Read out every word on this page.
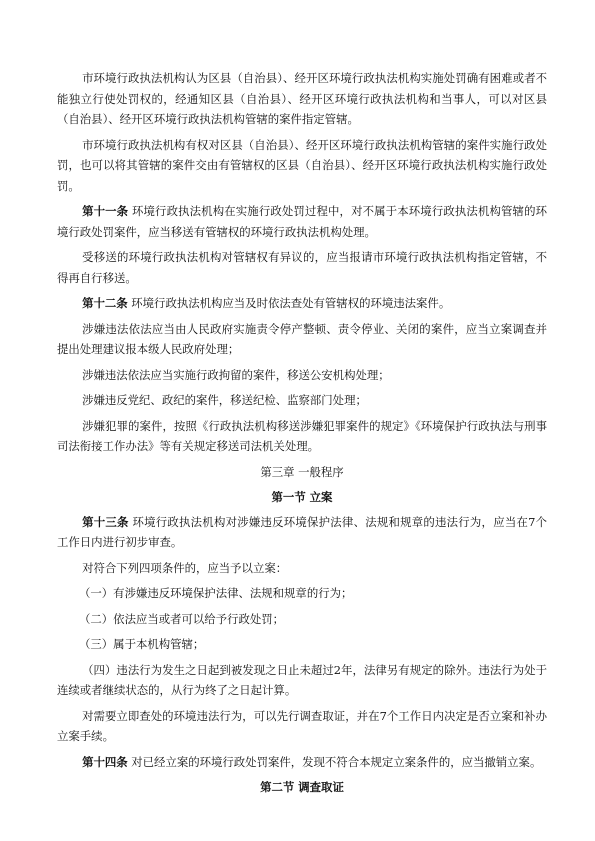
市环境行政执法机构认为区县（自治县）、经开区环境行政执法机构实施处罚确有困难或者不能独立行使处罚权的，经通知区县（自治县）、经开区环境行政执法机构和当事人，可以对区县（自治县）、经开区环境行政执法机构管辖的案件指定管辖。

市环境行政执法机构有权对区县（自治县）、经开区环境行政执法机构管辖的案件实施行政处罚，也可以将其管辖的案件交由有管辖权的区县（自治县）、经开区环境行政执法机构实施行政处罚。

第十一条 环境行政执法机构在实施行政处罚过程中，对不属于本环境行政执法机构管辖的环境行政处罚案件，应当移送有管辖权的环境行政执法机构处理。

受移送的环境行政执法机构对管辖权有异议的，应当报请市环境行政执法机构指定管辖，不得再自行移送。

第十二条 环境行政执法机构应当及时依法查处有管辖权的环境违法案件。

涉嫌违法依法应当由人民政府实施责令停产整顿、责令停业、关闭的案件，应当立案调查并提出处理建议报本级人民政府处理；

涉嫌违法依法应当实施行政拘留的案件，移送公安机构处理；

涉嫌违反党纪、政纪的案件，移送纪检、监察部门处理；

涉嫌犯罪的案件，按照《行政执法机构移送涉嫌犯罪案件的规定》《环境保护行政执法与刑事司法衔接工作办法》等有关规定移送司法机关处理。

第三章 一般程序
第一节 立案

第十三条 环境行政执法机构对涉嫌违反环境保护法律、法规和规章的违法行为，应当在7个工作日内进行初步审查。

对符合下列四项条件的，应当予以立案：

（一）有涉嫌违反环境保护法律、法规和规章的行为；

（二）依法应当或者可以给予行政处罚；

（三）属于本机构管辖；

（四）违法行为发生之日起到被发现之日止未超过2年，法律另有规定的除外。违法行为处于连续或者继续状态的，从行为终了之日起计算。

对需要立即查处的环境违法行为，可以先行调查取证，并在7个工作日内决定是否立案和补办立案手续。

第十四条 对已经立案的环境行政处罚案件，发现不符合本规定立案条件的，应当撤销立案。

第二节 调查取证
